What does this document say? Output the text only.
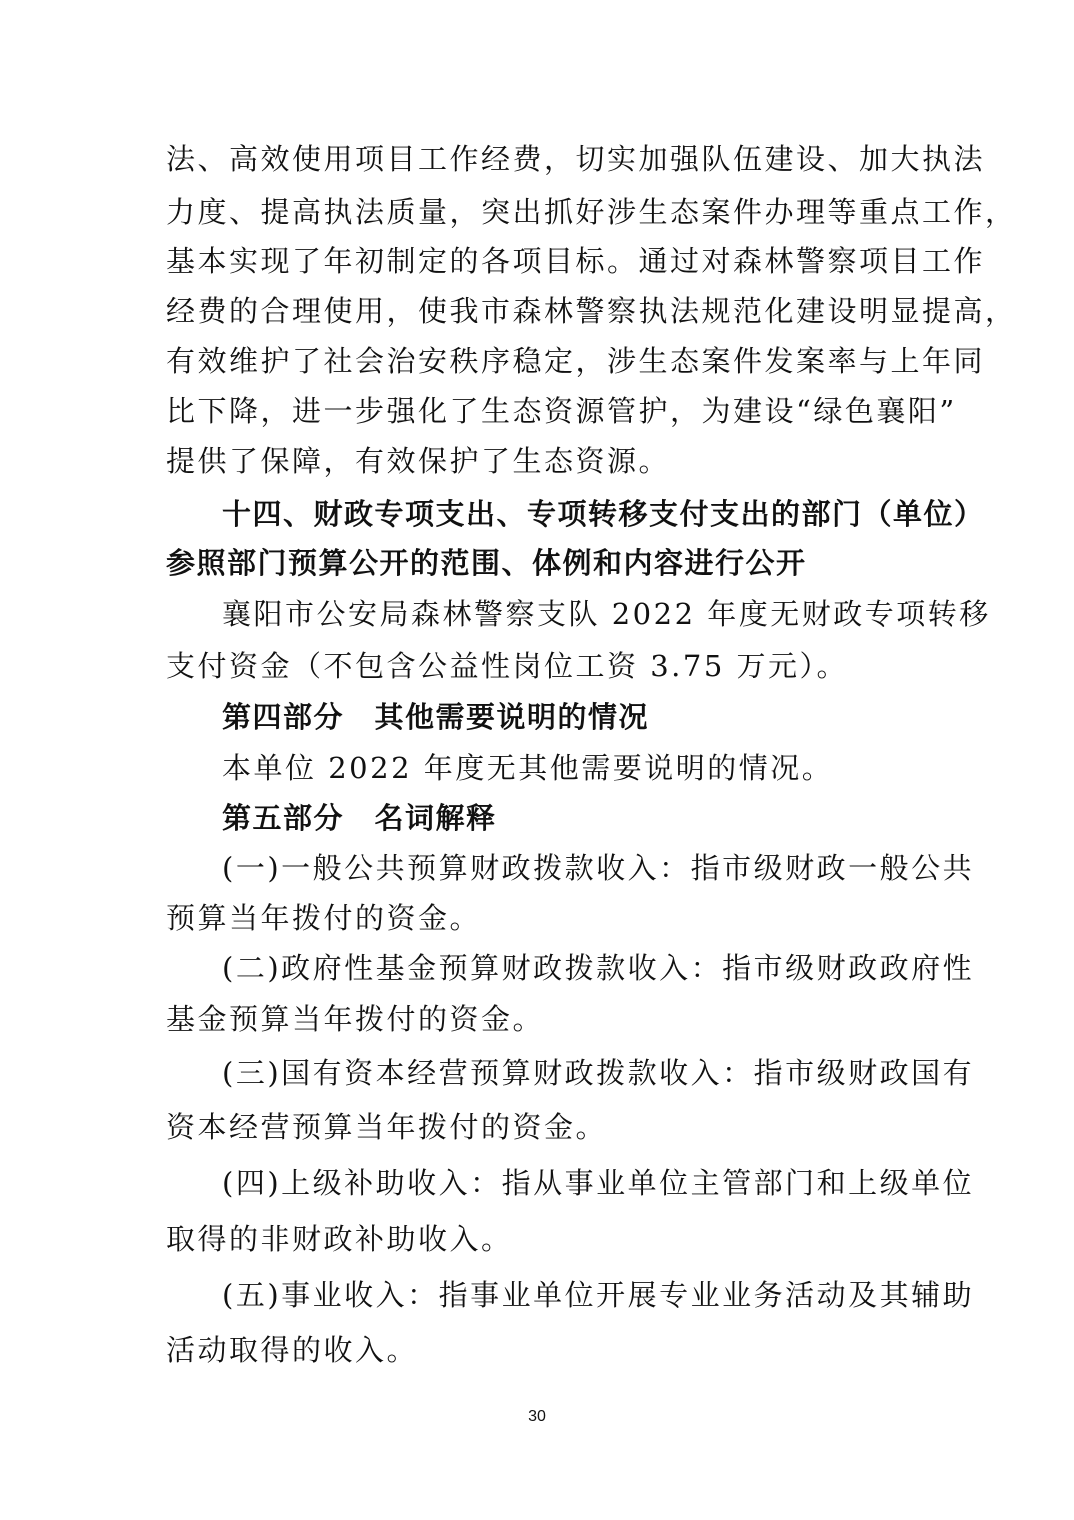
法、高效使用项目工作经费，切实加强队伍建设、加大执法
力度、提高执法质量，突出抓好涉生态案件办理等重点工作，
基本实现了年初制定的各项目标。通过对森林警察项目工作
经费的合理使用，使我市森林警察执法规范化建设明显提高，
有效维护了社会治安秩序稳定，涉生态案件发案率与上年同
比下降，进一步强化了生态资源管护，为建设“绿色襄阳”
提供了保障，有效保护了生态资源。
十四、财政专项支出、专项转移支付支出的部门（单位）
参照部门预算公开的范围、体例和内容进行公开
襄阳市公安局森林警察支队 2022 年度无财政专项转移
支付资金（不包含公益性岗位工资 3.75 万元）。
第四部分　其他需要说明的情况
本单位 2022 年度无其他需要说明的情况。
第五部分　名词解释
(一)一般公共预算财政拨款收入：指市级财政一般公共
预算当年拨付的资金。
(二)政府性基金预算财政拨款收入：指市级财政政府性
基金预算当年拨付的资金。
(三)国有资本经营预算财政拨款收入：指市级财政国有
资本经营预算当年拨付的资金。
(四)上级补助收入：指从事业单位主管部门和上级单位
取得的非财政补助收入。
(五)事业收入：指事业单位开展专业业务活动及其辅助
活动取得的收入。
30
